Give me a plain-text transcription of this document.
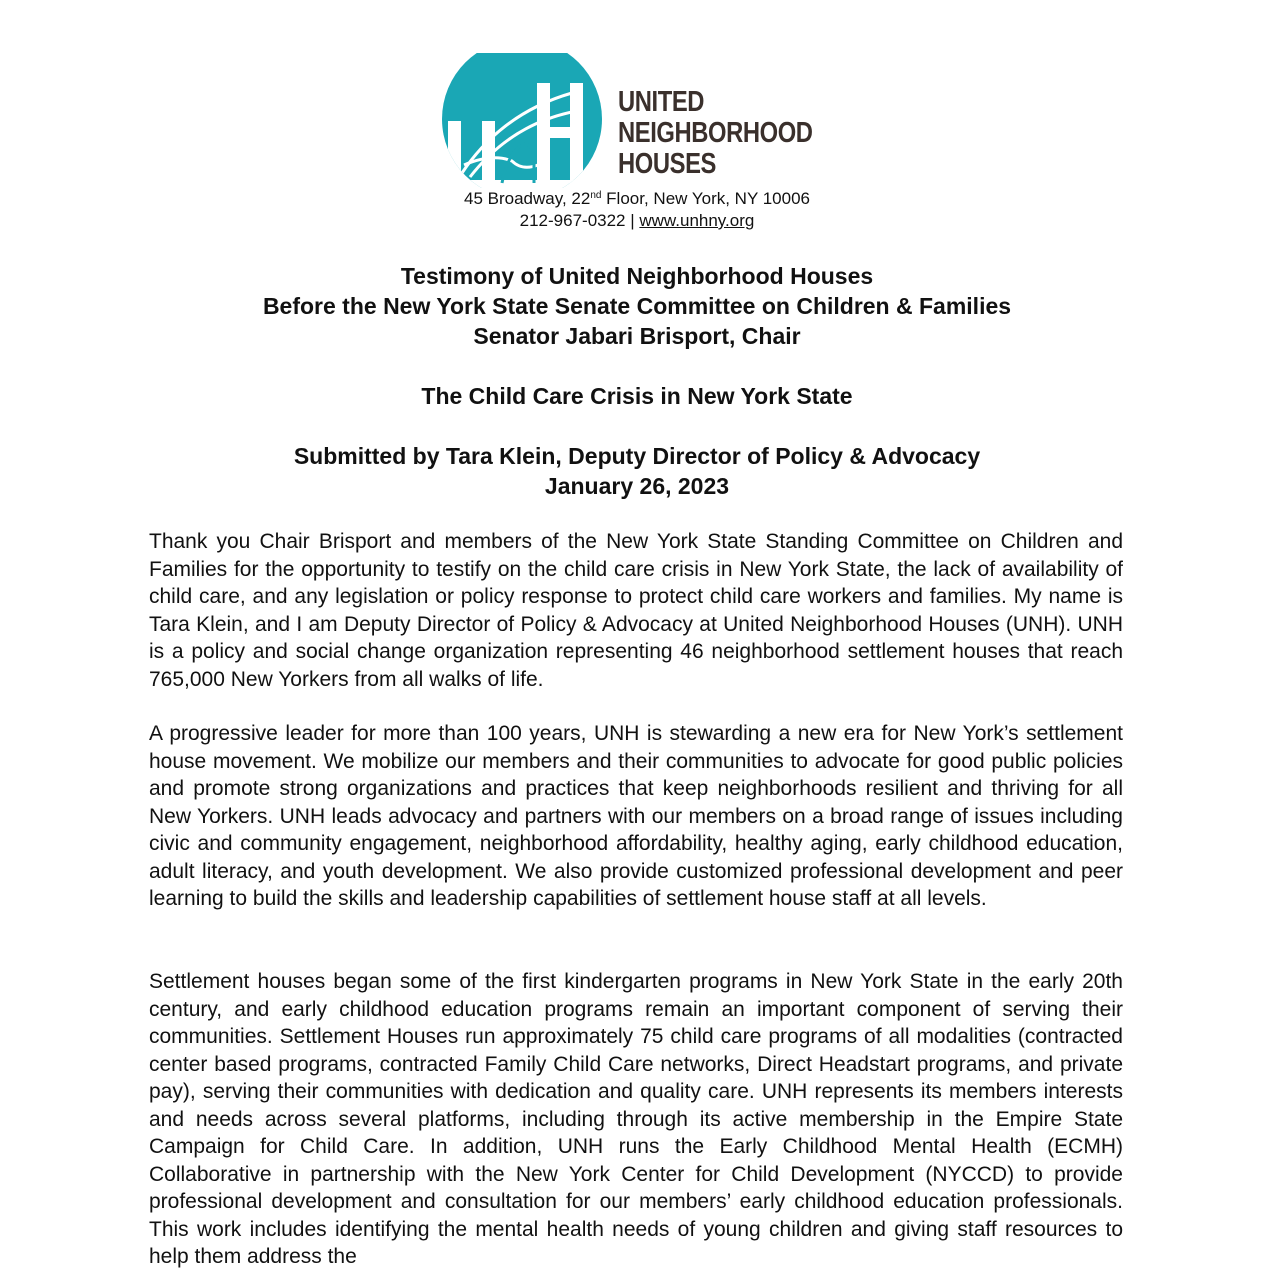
UNITED
NEIGHBORHOOD
HOUSES
45 Broadway, 22nd Floor, New York, NY 10006
212-967-0322 | www.unhny.org
Testimony of United Neighborhood Houses
Before the New York State Senate Committee on Children & Families
Senator Jabari Brisport, Chair
The Child Care Crisis in New York State
Submitted by Tara Klein, Deputy Director of Policy & Advocacy
January 26, 2023

Thank you Chair Brisport and members of the New York State Standing Committee on Children and Families for the opportunity to testify on the child care crisis in New York State, the lack of availability of child care, and any legislation or policy response to protect child care workers and families. My name is Tara Klein, and I am Deputy Director of Policy & Advocacy at United Neighborhood Houses (UNH). UNH is a policy and social change organization representing 46 neighborhood settlement houses that reach 765,000 New Yorkers from all walks of life.

A progressive leader for more than 100 years, UNH is stewarding a new era for New York’s settlement house movement. We mobilize our members and their communities to advocate for good public policies and promote strong organizations and practices that keep neighborhoods resilient and thriving for all New Yorkers. UNH leads advocacy and partners with our members on a broad range of issues including civic and community engagement, neighborhood affordability, healthy aging, early childhood education, adult literacy, and youth development. We also provide customized professional development and peer learning to build the skills and leadership capabilities of settlement house staff at all levels.

Settlement houses began some of the first kindergarten programs in New York State in the early 20th century, and early childhood education programs remain an important component of serving their communities. Settlement Houses run approximately 75 child care programs of all modalities (contracted center based programs, contracted Family Child Care networks, Direct Headstart programs, and private pay), serving their communities with dedication and quality care. UNH represents its members interests and needs across several platforms, including through its active membership in the Empire State Campaign for Child Care. In addition, UNH runs the Early Childhood Mental Health (ECMH) Collaborative in partnership with the New York Center for Child Development (NYCCD) to provide professional development and consultation for our members’ early childhood education professionals. This work includes identifying the mental health needs of young children and giving staff resources to help them address the
